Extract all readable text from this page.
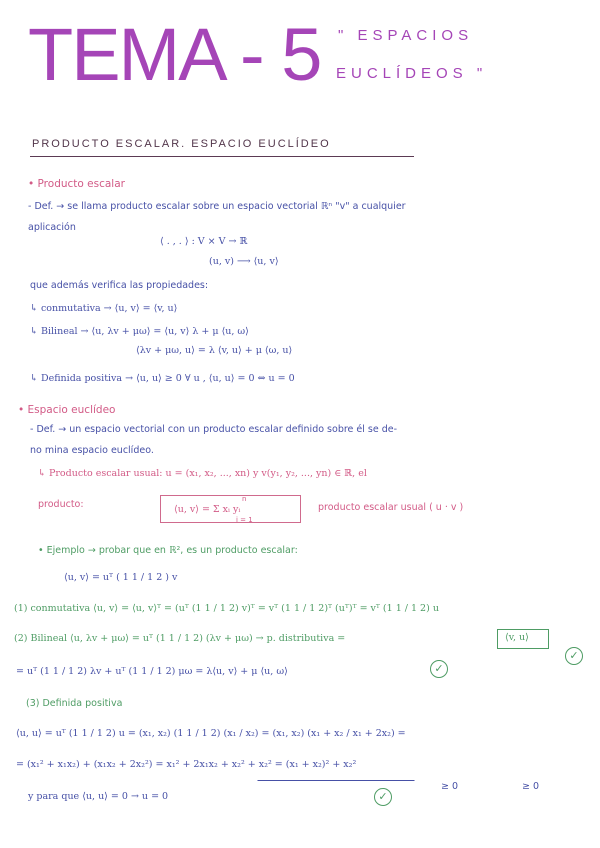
TEMA - 5 " ESPACIOS
EUCLÍDEOS "
PRODUCTO ESCALAR. ESPACIO EUCLÍDEO
• Producto escalar
- Def. → se llama producto escalar sobre un espacio vectorial ℝⁿ "v" a cualquier
aplicación
⟨ . , . ⟩ : V × V → ℝ
(u, v) ⟶ ⟨u, v⟩
que además verifica las propiedades:
↳ conmutativa → ⟨u, v⟩ = ⟨v, u⟩
↳ Bilineal → ⟨u, λv + μω⟩ = ⟨u, v⟩ λ + μ ⟨u, ω⟩
⟨λv + μω, u⟩ = λ ⟨v, u⟩ + μ ⟨ω, u⟩
↳ Definida positiva → ⟨u, u⟩ ≥ 0 ∀ u , ⟨u, u⟩ = 0 ⇔ u = 0
• Espacio euclídeo
- Def. → un espacio vectorial con un producto escalar definido sobre él se de-
no mina espacio euclídeo.
↳ Producto escalar usual: u = (x₁, x₂, ..., xn) y v(y₁, y₂, ..., yn) ∈ ℝ, el
producto:	⟨u, v⟩ = Σ xᵢ yᵢ
n
i = 1
producto escalar usual ( u · v )
• Ejemplo → probar que en ℝ², es un producto escalar:
⟨u, v⟩ = uᵀ ( 1 1 / 1 2 ) v
(1) conmutativa ⟨u, v⟩ = ⟨u, v⟩ᵀ = (uᵀ (1 1 / 1 2) v)ᵀ = vᵀ (1 1 / 1 2)ᵀ (uᵀ)ᵀ = vᵀ (1 1 / 1 2) u
(2) Bilineal ⟨u, λv + μω⟩ = uᵀ (1 1 / 1 2) (λv + μω) → p. distributiva =	⟨v, u⟩
✓
= uᵀ (1 1 / 1 2) λv + uᵀ (1 1 / 1 2) μω = λ⟨u, v⟩ + μ ⟨u, ω⟩	✓
(3) Definida positiva
⟨u, u⟩ = uᵀ (1 1 / 1 2) u = (x₁, x₂) (1 1 / 1 2) (x₁ / x₂) = (x₁, x₂) (x₁ + x₂ / x₁ + 2x₂) =
= (x₁² + x₁x₂) + (x₁x₂ + 2x₂²) = x₁² + 2x₁x₂ + x₂² + x₂² = (x₁ + x₂)² + x₂²
≥ 0	≥ 0
✓
y para que ⟨u, u⟩ = 0 → u = 0
